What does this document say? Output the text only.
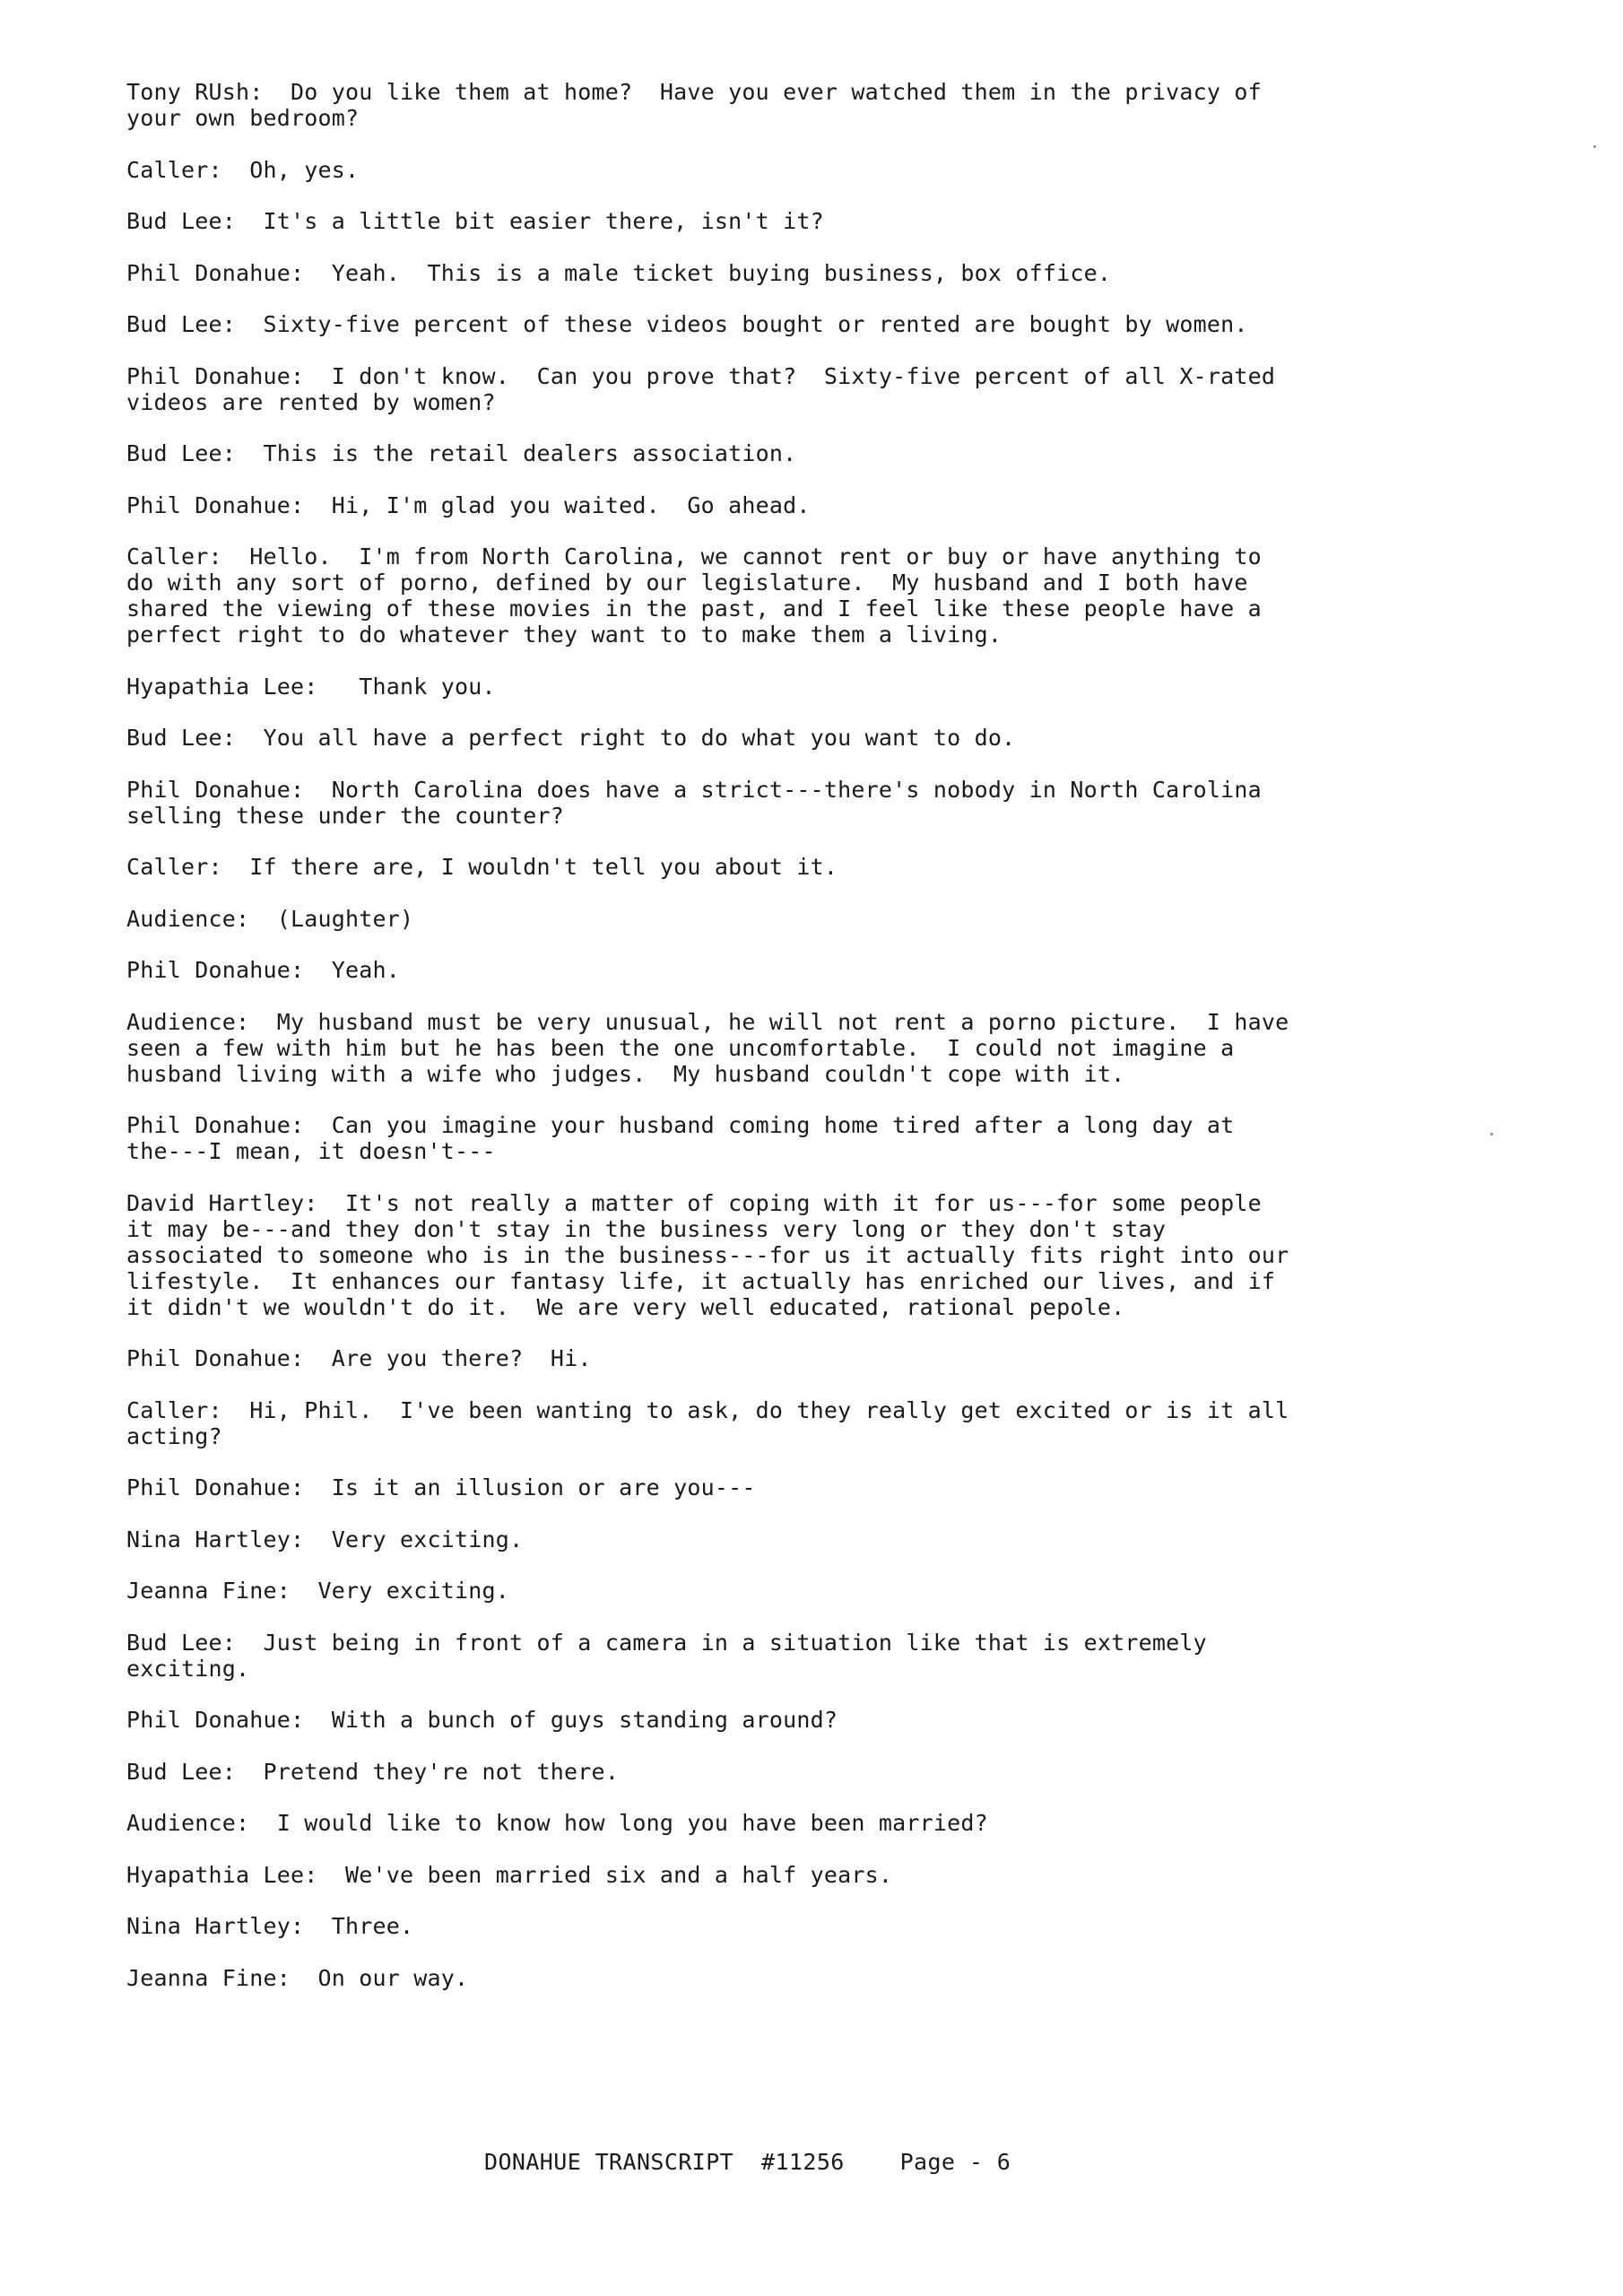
Tony RUsh: Do you like them at home?  Have you ever watched them in the privacy of
your own bedroom?
Caller: Oh, yes.
Bud Lee: It's a little bit easier there, isn't it?
Phil Donahue: Yeah.  This is a male ticket buying business, box office.
Bud Lee: Sixty-five percent of these videos bought or rented are bought by women.
Phil Donahue: I don't know.  Can you prove that?  Sixty-five percent of all X-rated
videos are rented by women?
Bud Lee: This is the retail dealers association.
Phil Donahue: Hi, I'm glad you waited.  Go ahead.
Caller: Hello.  I'm from North Carolina, we cannot rent or buy or have anything to
do with any sort of porno, defined by our legislature.  My husband and I both have
shared the viewing of these movies in the past, and I feel like these people have a
perfect right to do whatever they want to to make them a living.
Hyapathia Lee:   Thank you.
Bud Lee: You all have a perfect right to do what you want to do.
Phil Donahue: North Carolina does have a strict---there's nobody in North Carolina
selling these under the counter?
Caller: If there are, I wouldn't tell you about it.
Audience: (Laughter)
Phil Donahue: Yeah.
Audience: My husband must be very unusual, he will not rent a porno picture.  I have
seen a few with him but he has been the one uncomfortable.  I could not imagine a
husband living with a wife who judges.  My husband couldn't cope with it.
Phil Donahue: Can you imagine your husband coming home tired after a long day at
the---I mean, it doesn't---
David Hartley: It's not really a matter of coping with it for us---for some people
it may be---and they don't stay in the business very long or they don't stay
associated to someone who is in the business---for us it actually fits right into our
lifestyle.  It enhances our fantasy life, it actually has enriched our lives, and if
it didn't we wouldn't do it.  We are very well educated, rational pepole.
Phil Donahue: Are you there?  Hi.
Caller: Hi, Phil.  I've been wanting to ask, do they really get excited or is it all
acting?
Phil Donahue: Is it an illusion or are you---
Nina Hartley: Very exciting.
Jeanna Fine: Very exciting.
Bud Lee: Just being in front of a camera in a situation like that is extremely
exciting.
Phil Donahue: With a bunch of guys standing around?
Bud Lee: Pretend they're not there.
Audience: I would like to know how long you have been married?
Hyapathia Lee: We've been married six and a half years.
Nina Hartley: Three.
Jeanna Fine: On our way.
DONAHUE TRANSCRIPT #11256 Page - 6
